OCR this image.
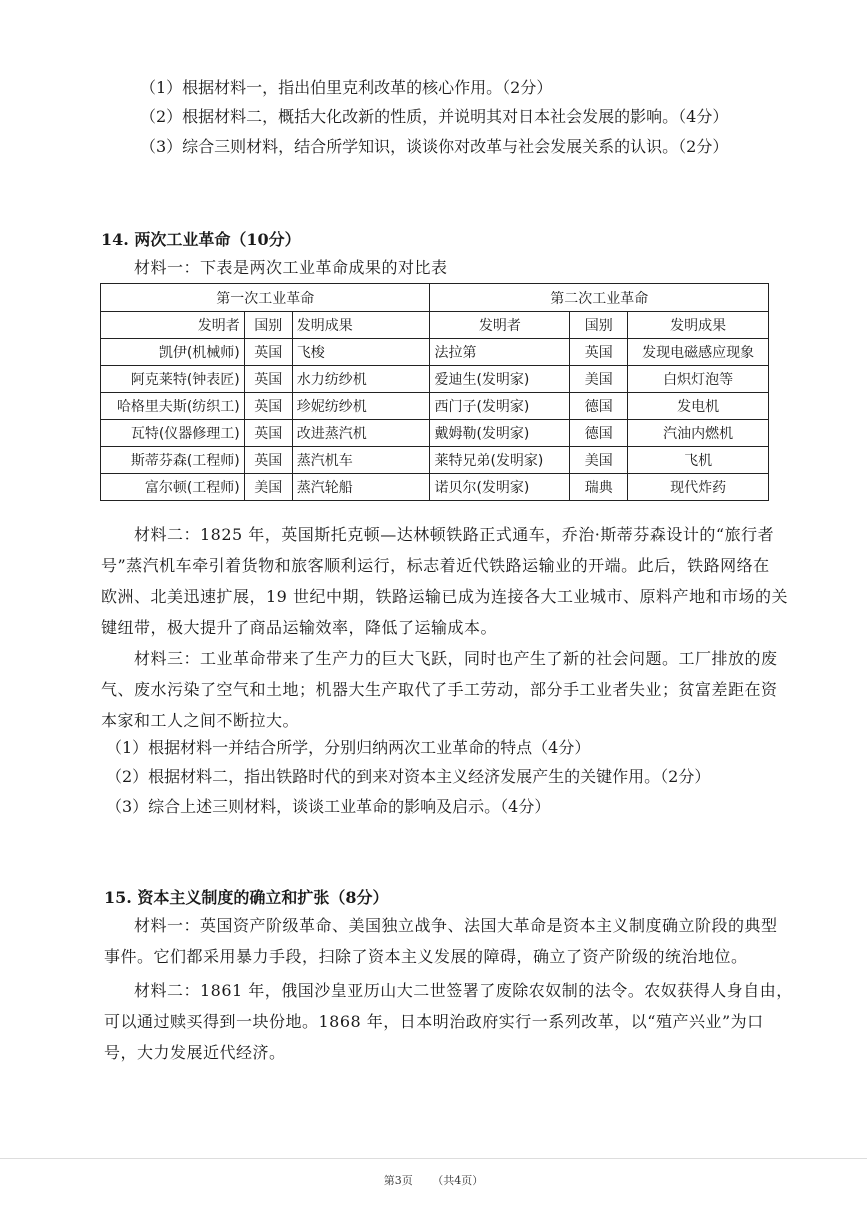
（1）根据材料一，指出伯里克利改革的核心作用。（2分）
（2）根据材料二，概括大化改新的性质，并说明其对日本社会发展的影响。（4分）
（3）综合三则材料，结合所学知识，谈谈你对改革与社会发展关系的认识。（2分）
14. 两次工业革命（10分）
材料一：下表是两次工业革命成果的对比表
第一次工业革命			第二次工业革命		
发明者	国别	发明成果	发明者	国别	发明成果
凯伊(机械师)	英国	飞梭	法拉第	英国	发现电磁感应现象
阿克莱特(钟表匠)	英国	水力纺纱机	爱迪生(发明家)	美国	白炽灯泡等
哈格里夫斯(纺织工)	英国	珍妮纺纱机	西门子(发明家)	德国	发电机
瓦特(仪器修理工)	英国	改进蒸汽机	戴姆勒(发明家)	德国	汽油内燃机
斯蒂芬森(工程师)	英国	蒸汽机车	莱特兄弟(发明家)	美国	飞机
富尔顿(工程师)	美国	蒸汽轮船	诺贝尔(发明家)	瑞典	现代炸药
材料二：1825 年，英国斯托克顿—达林顿铁路正式通车，乔治·斯蒂芬森设计的“旅行者
号”蒸汽机车牵引着货物和旅客顺利运行，标志着近代铁路运输业的开端。此后，铁路网络在
欧洲、北美迅速扩展，19 世纪中期，铁路运输已成为连接各大工业城市、原料产地和市场的关
键纽带，极大提升了商品运输效率，降低了运输成本。
材料三：工业革命带来了生产力的巨大飞跃，同时也产生了新的社会问题。工厂排放的废
气、废水污染了空气和土地；机器大生产取代了手工劳动，部分手工业者失业；贫富差距在资
本家和工人之间不断拉大。
（1）根据材料一并结合所学，分别归纳两次工业革命的特点（4分）
（2）根据材料二，指出铁路时代的到来对资本主义经济发展产生的关键作用。（2分）
（3）综合上述三则材料，谈谈工业革命的影响及启示。（4分）
15. 资本主义制度的确立和扩张（8分）
材料一：英国资产阶级革命、美国独立战争、法国大革命是资本主义制度确立阶段的典型
事件。它们都采用暴力手段，扫除了资本主义发展的障碍，确立了资产阶级的统治地位。
材料二：1861 年，俄国沙皇亚历山大二世签署了废除农奴制的法令。农奴获得人身自由，
可以通过赎买得到一块份地。1868 年，日本明治政府实行一系列改革，以“殖产兴业”为口
号，大力发展近代经济。
第3页 （共4页）
